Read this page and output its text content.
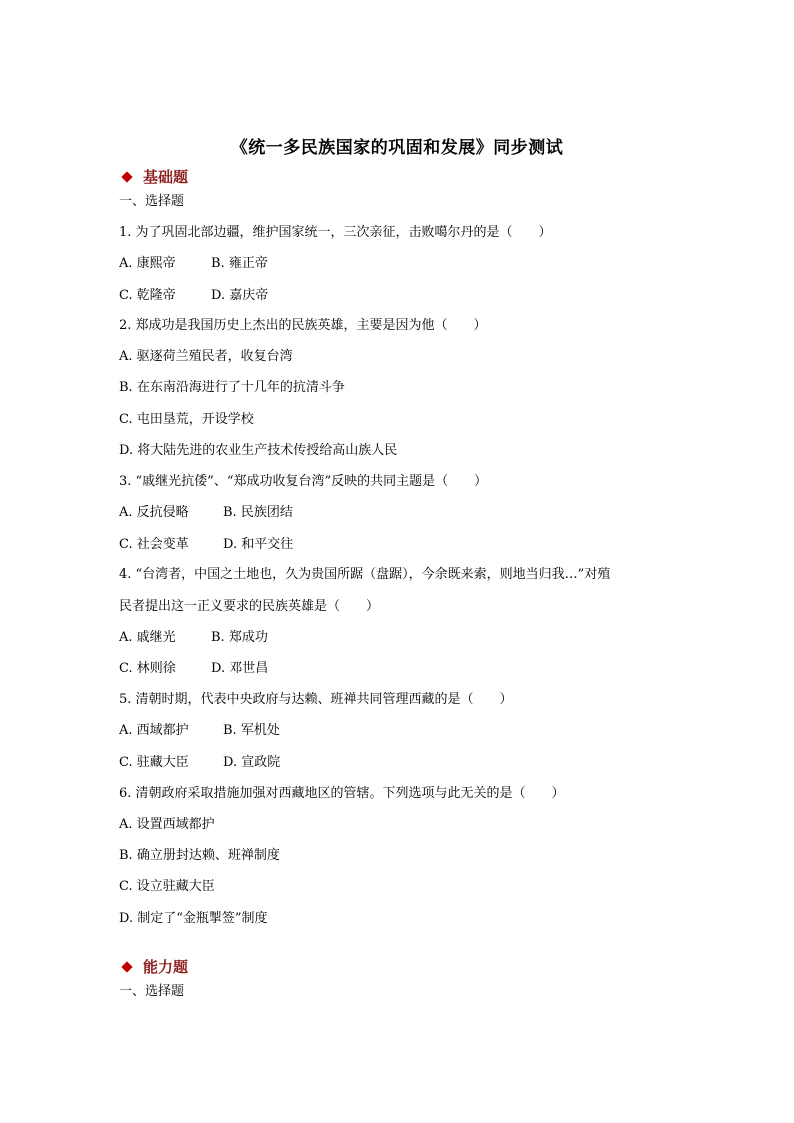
《统一多民族国家的巩固和发展》同步测试
基础题
一、选择题
1. 为了巩固北部边疆，维护国家统一，三次亲征，击败噶尔丹的是（　　）
A. 康熙帝	B. 雍正帝
C. 乾隆帝	D. 嘉庆帝
2. 郑成功是我国历史上杰出的民族英雄，主要是因为他（　　）
A. 驱逐荷兰殖民者，收复台湾
B. 在东南沿海进行了十几年的抗清斗争
C. 屯田垦荒，开设学校
D. 将大陆先进的农业生产技术传授给高山族人民
3. “戚继光抗倭”、“郑成功收复台湾”反映的共同主题是（　　）
A. 反抗侵略	B. 民族团结
C. 社会变革	D. 和平交往
4. “台湾者，中国之土地也，久为贵国所踞（盘踞），今余既来索，则地当归我…”对殖
民者提出这一正义要求的民族英雄是（　　）
A. 戚继光	B. 郑成功
C. 林则徐	D. 邓世昌
5. 清朝时期，代表中央政府与达赖、班禅共同管理西藏的是（　　）
A. 西域都护	B. 军机处
C. 驻藏大臣	D. 宣政院
6. 清朝政府采取措施加强对西藏地区的管辖。下列选项与此无关的是（　　）
A. 设置西域都护
B. 确立册封达赖、班禅制度
C. 设立驻藏大臣
D. 制定了“金瓶掣签”制度
能力题
一、选择题
